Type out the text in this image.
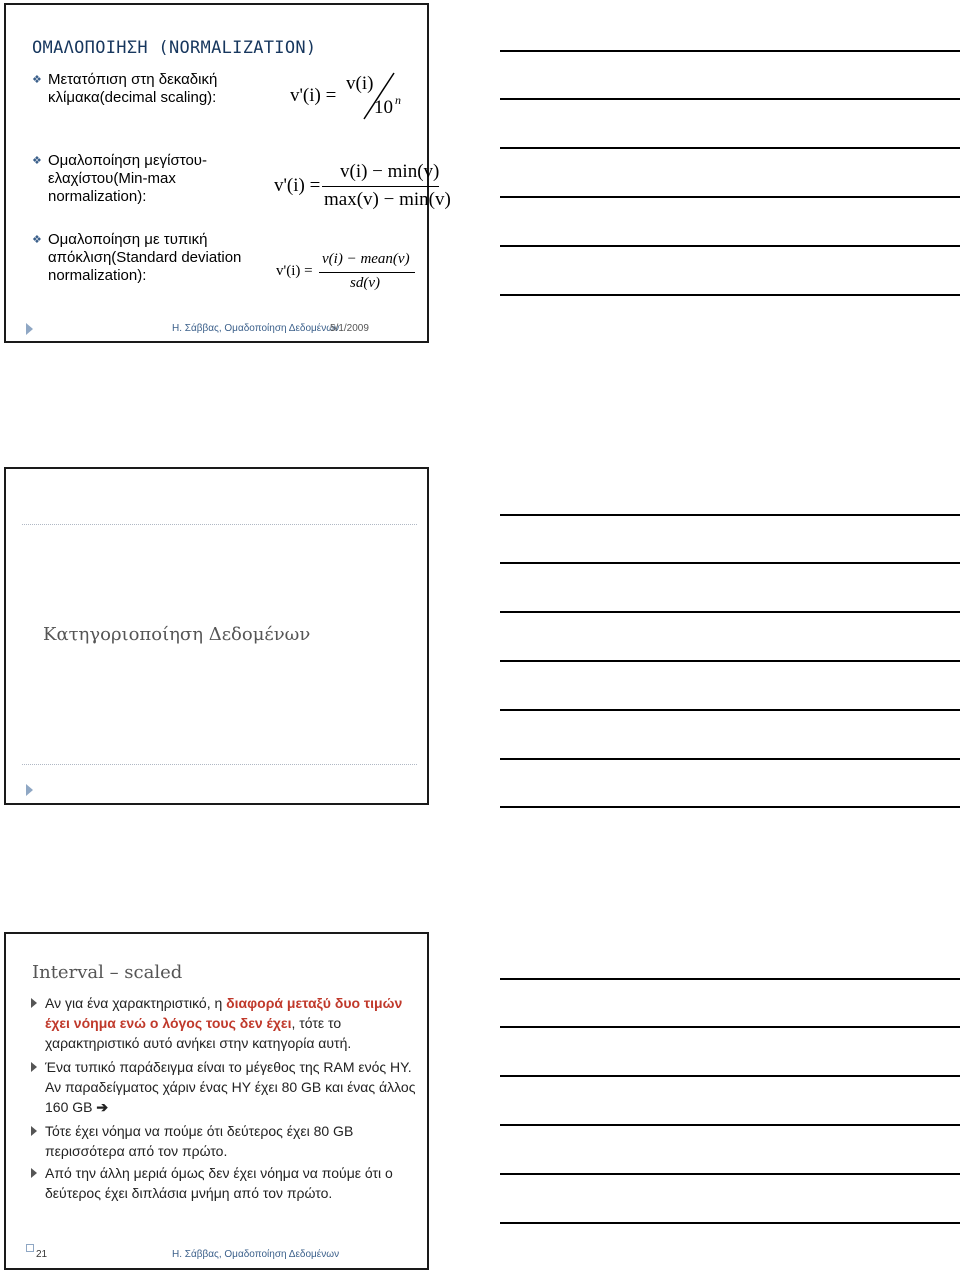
ΟΜΑΛΟΠΟΙΗΣΗ (NORMALIZATION)
❖ Μετατόπιση στη δεκαδική
κλίμακα(decimal scaling):	v'(i) =
v(i)
10 n
❖ Ομαλοποίηση μεγίστου-
ελαχίστου(Min-max
normalization):
v'(i) =
v(i) − min(v)
max(v) − min(v)
❖ Ομαλοποίηση με τυπική
απόκλιση(Standard deviation
normalization):	v'(i) =
v(i) − mean(v)
sd(v)
Η. Σάββας, Ομαδοποίηση Δεδομένων
5/1/2009
Κατηγοριοποίηση Δεδομένων
Interval – scaled
Αν για ένα χαρακτηριστικό, η διαφορά μεταξύ δυο τιμών έχει νόημα ενώ ο λόγος τους δεν έχει, τότε το χαρακτηριστικό αυτό ανήκει στην κατηγορία αυτή.
Ένα τυπικό παράδειγμα είναι το μέγεθος της RAM ενός ΗΥ. Αν παραδείγματος χάριν ένας ΗΥ έχει 80 GB και ένας άλλος 160 GB ➔
Τότε έχει νόημα να πούμε ότι δεύτερος έχει 80 GB περισσότερα από τον πρώτο.
Από την άλλη μεριά όμως δεν έχει νόημα να πούμε ότι ο δεύτερος έχει διπλάσια μνήμη από τον πρώτο.
21	Η. Σάββας, Ομαδοποίηση Δεδομένων
